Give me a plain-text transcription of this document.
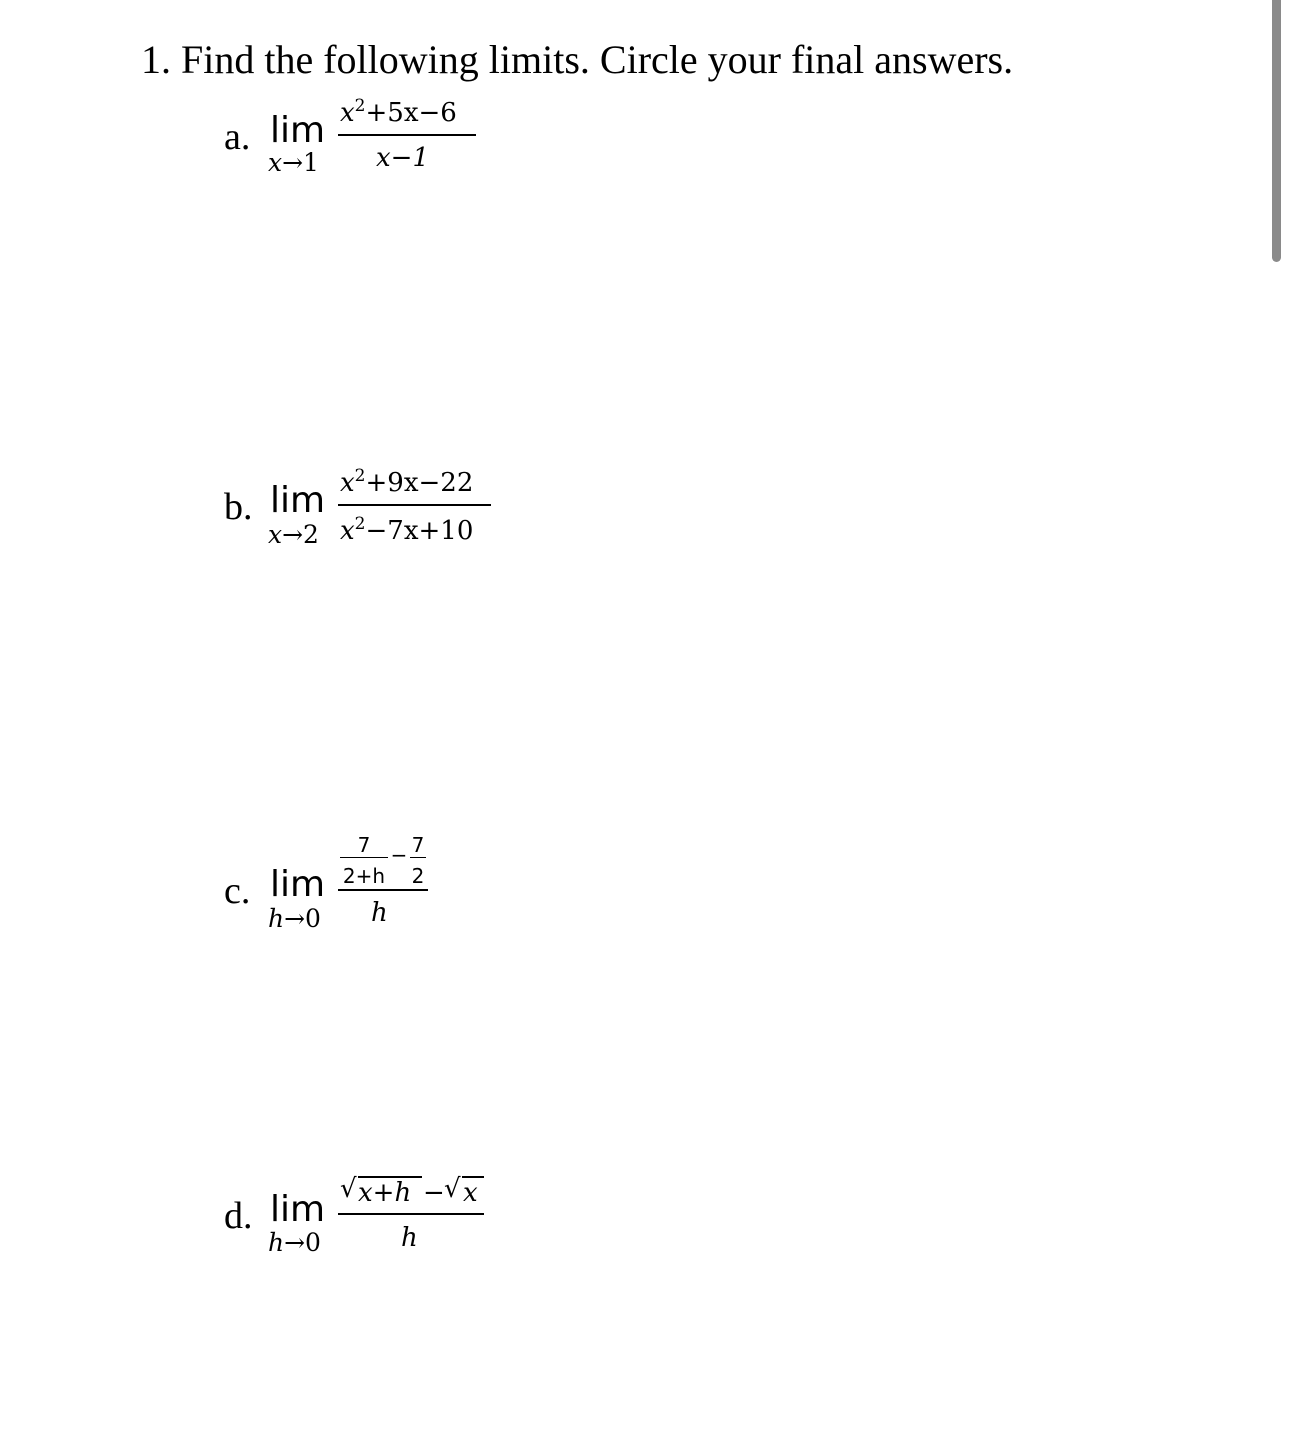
1. Find the following limits. Circle your final answers.
a. lim
x→1
$x^2+5x-6$
x−1
b. lim
x→2
$x^2+9x-22$
$x^2-7x+10$
c. lim
h→0
7
2+h
− 7
2
h
d. lim
h→0
√ x+h − √ x
h
